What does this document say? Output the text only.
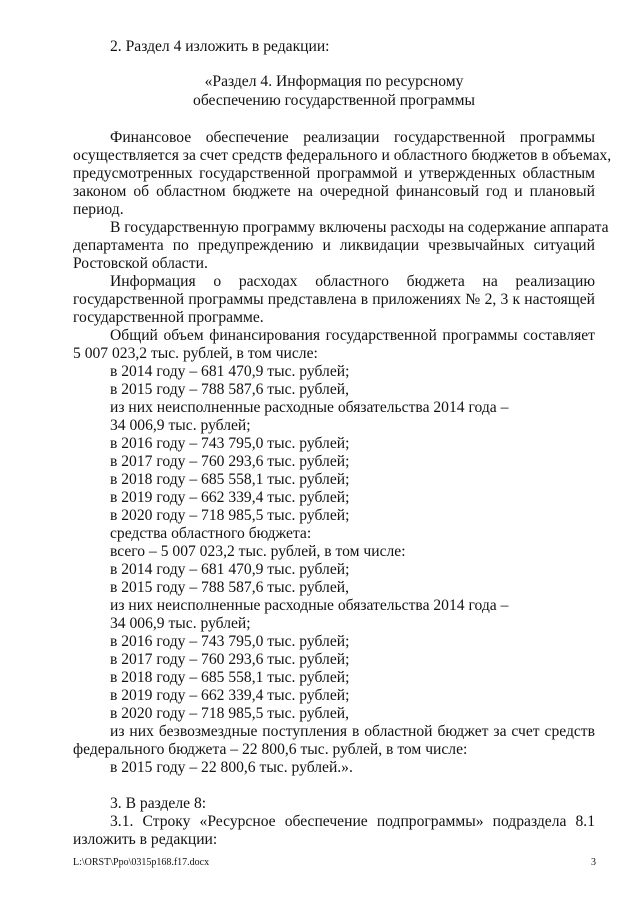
2. Раздел 4 изложить в редакции:
«Раздел 4. Информация по ресурсному
обеспечению государственной программы
Финансовое обеспечение реализации государственной программы
осуществляется за счет средств федерального и областного бюджетов в объемах,
предусмотренных государственной программой и утвержденных областным
законом об областном бюджете на очередной финансовый год и плановый
период.
В государственную программу включены расходы на содержание аппарата
департамента по предупреждению и ликвидации чрезвычайных ситуаций
Ростовской области.
Информация о расходах областного бюджета на реализацию
государственной программы представлена в приложениях № 2, 3 к настоящей
государственной программе.
Общий объем финансирования государственной программы составляет
5 007 023,2 тыс. рублей, в том числе:
в 2014 году – 681 470,9 тыс. рублей;
в 2015 году – 788 587,6 тыс. рублей,
из них неисполненные расходные обязательства 2014 года –
34 006,9 тыс. рублей;
в 2016 году – 743 795,0 тыс. рублей;
в 2017 году – 760 293,6 тыс. рублей;
в 2018 году – 685 558,1 тыс. рублей;
в 2019 году – 662 339,4 тыс. рублей;
в 2020 году – 718 985,5 тыс. рублей;
средства областного бюджета:
всего – 5 007 023,2 тыс. рублей, в том числе:
в 2014 году – 681 470,9 тыс. рублей;
в 2015 году – 788 587,6 тыс. рублей,
из них неисполненные расходные обязательства 2014 года –
34 006,9 тыс. рублей;
в 2016 году – 743 795,0 тыс. рублей;
в 2017 году – 760 293,6 тыс. рублей;
в 2018 году – 685 558,1 тыс. рублей;
в 2019 году – 662 339,4 тыс. рублей;
в 2020 году – 718 985,5 тыс. рублей,
из них безвозмездные поступления в областной бюджет за счет средств
федерального бюджета – 22 800,6 тыс. рублей, в том числе:
в 2015 году – 22 800,6 тыс. рублей.».
3. В разделе 8:
3.1. Строку «Ресурсное обеспечение подпрограммы» подраздела 8.1
изложить в редакции:
L:\ORST\Ppo\0315p168.f17.docx	3
